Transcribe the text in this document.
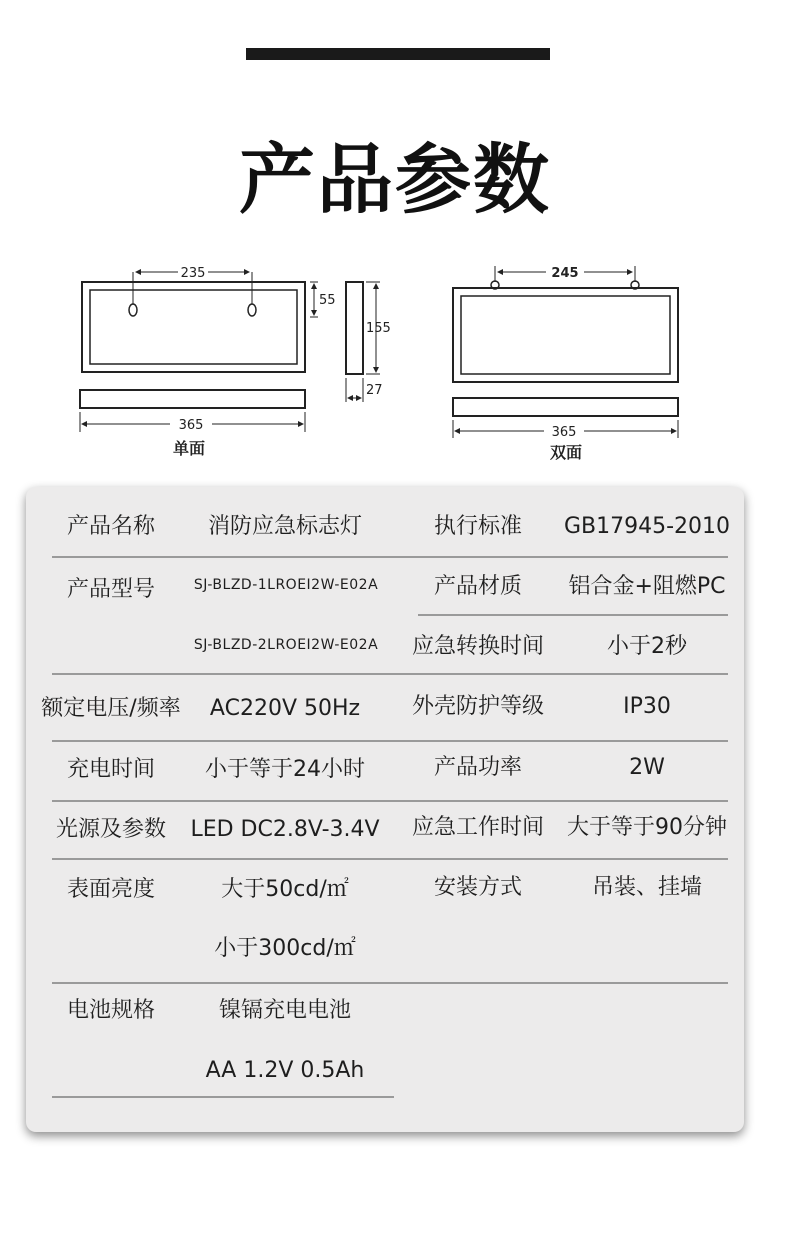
产品参数
235
55
155
27
365
单面
245
365
双面
产品名称 消防应急标志灯	执行标准 GB17945-2010
产品型号	SJ-BLZD-1LROEI2W-E02A	产品材质 铝合金+阻燃PC
SJ-BLZD-2LROEI2W-E02A 应急转换时间	小于2秒
额定电压/频率 AC220V 50Hz 外壳防护等级	IP30
充电时间 小于等于24小时	产品功率	2W
光源及参数 LED DC2.8V-3.4V 应急工作时间 大于等于90分钟
表面亮度	大于50cd/㎡	安装方式	吊装、挂墙
小于300cd/㎡
电池规格	镍镉充电电池
AA 1.2V 0.5Ah
